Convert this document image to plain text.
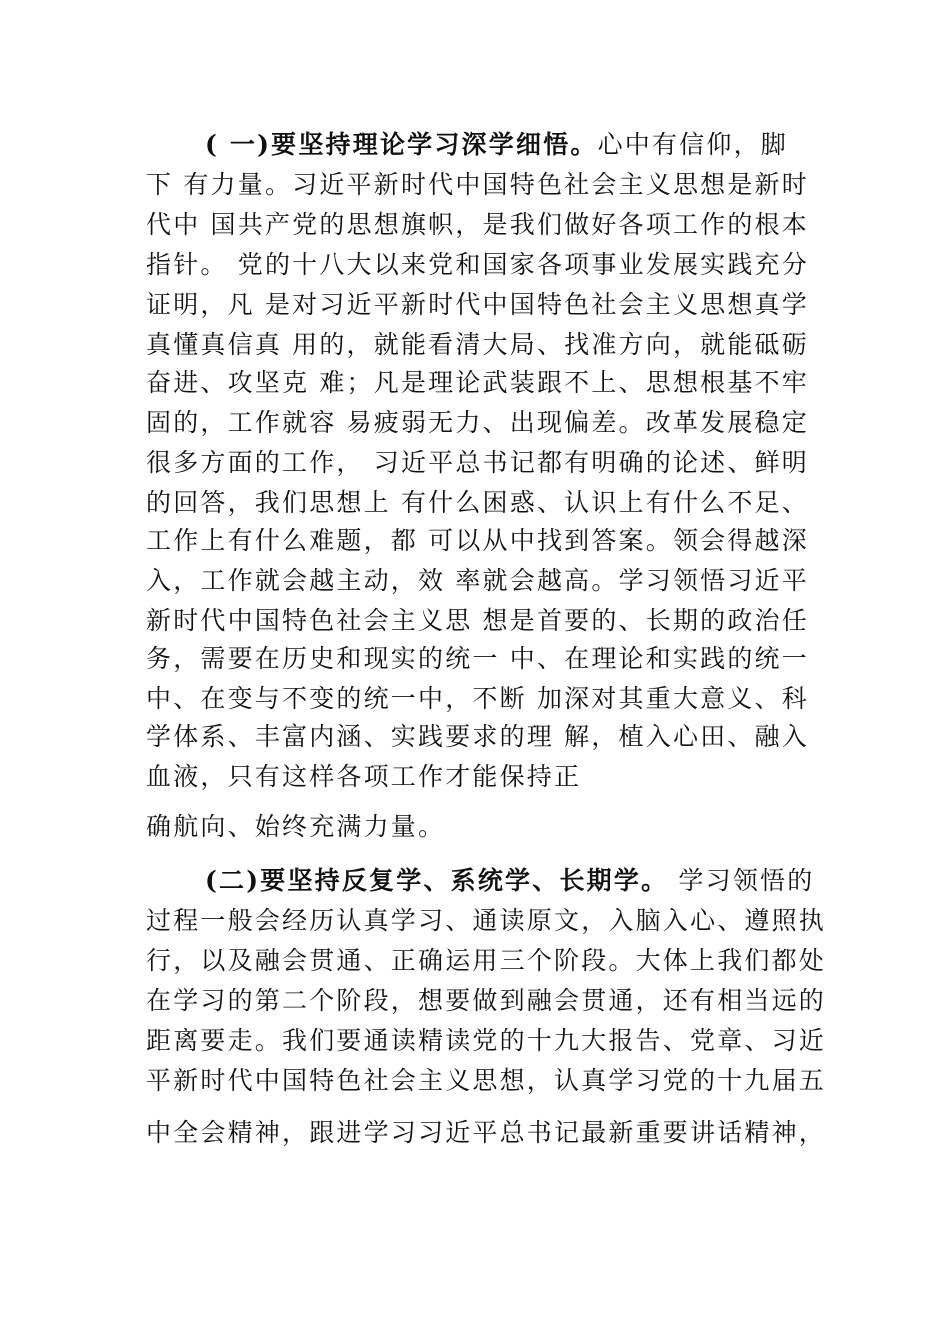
( 一)要坚持理论学习深学细悟。心中有信仰，脚
下 有力量。习近平新时代中国特色社会主义思想是新时
代中 国共产党的思想旗帜，是我们做好各项工作的根本
指针。 党的十八大以来党和国家各项事业发展实践充分
证明，凡 是对习近平新时代中国特色社会主义思想真学
真懂真信真 用的，就能看清大局、找准方向，就能砥砺
奋进、攻坚克 难；凡是理论武装跟不上、思想根基不牢
固的，工作就容 易疲弱无力、出现偏差。改革发展稳定
很多方面的工作， 习近平总书记都有明确的论述、鲜明
的回答，我们思想上 有什么困惑、认识上有什么不足、
工作上有什么难题，都 可以从中找到答案。领会得越深
入，工作就会越主动，效 率就会越高。学习领悟习近平
新时代中国特色社会主义思 想是首要的、长期的政治任
务，需要在历史和现实的统一 中、在理论和实践的统一
中、在变与不变的统一中，不断 加深对其重大意义、科
学体系、丰富内涵、实践要求的理 解，植入心田、融入
血液，只有这样各项工作才能保持正
确航向、始终充满力量。
(二)要坚持反复学、系统学、长期学。 学习领悟的
过程一般会经历认真学习、通读原文，入脑入心、遵照执
行，以及融会贯通、正确运用三个阶段。大体上我们都处
在学习的第二个阶段，想要做到融会贯通，还有相当远的
距离要走。我们要通读精读党的十九大报告、党章、习近
平新时代中国特色社会主义思想，认真学习党的十九届五
中全会精神，跟进学习习近平总书记最新重要讲话精神，
